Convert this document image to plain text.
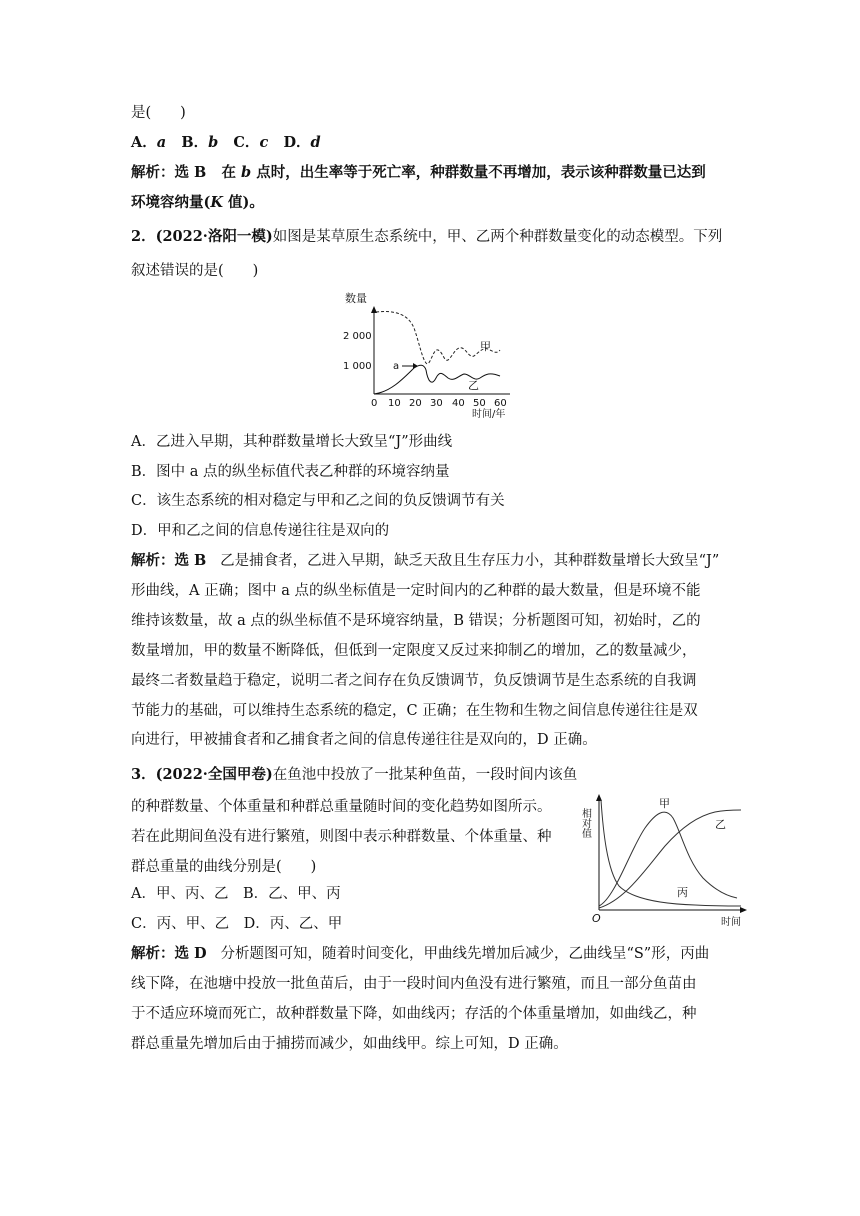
是(　　)
A．a B．b C．c D．d
解析：选 B 在 b 点时，出生率等于死亡率，种群数量不再增加，表示该种群数量已达到
环境容纳量(K 值)。
2．(2022·洛阳一模)如图是某草原生态系统中，甲、乙两个种群数量变化的动态模型。下列
叙述错误的是(　　)
数量
2 000
1 000
0 10 20 30 40 50 60
时间/年
甲
乙
a
A．乙进入早期，其种群数量增长大致呈“J”形曲线
B．图中 a 点的纵坐标值代表乙种群的环境容纳量
C．该生态系统的相对稳定与甲和乙之间的负反馈调节有关
D．甲和乙之间的信息传递往往是双向的
解析：选 B 乙是捕食者，乙进入早期，缺乏天敌且生存压力小，其种群数量增长大致呈“J”
形曲线，A 正确；图中 a 点的纵坐标值是一定时间内的乙种群的最大数量，但是环境不能
维持该数量，故 a 点的纵坐标值不是环境容纳量，B 错误；分析题图可知，初始时，乙的
数量增加，甲的数量不断降低，但低到一定限度又反过来抑制乙的增加，乙的数量减少，
最终二者数量趋于稳定，说明二者之间存在负反馈调节，负反馈调节是生态系统的自我调
节能力的基础，可以维持生态系统的稳定，C 正确；在生物和生物之间信息传递往往是双
向进行，甲被捕食者和乙捕食者之间的信息传递往往是双向的，D 正确。
3．(2022·全国甲卷)在鱼池中投放了一批某种鱼苗，一段时间内该鱼
的种群数量、个体重量和种群总重量随时间的变化趋势如图所示。
若在此期间鱼没有进行繁殖，则图中表示种群数量、个体重量、种
群总重量的曲线分别是(　　)
A．甲、丙、乙　B．乙、甲、丙
C．丙、甲、乙　D．丙、乙、甲
相对值
O	时间
甲
乙
丙
解析：选 D 分析题图可知，随着时间变化，甲曲线先增加后减少，乙曲线呈“S”形，丙曲
线下降，在池塘中投放一批鱼苗后，由于一段时间内鱼没有进行繁殖，而且一部分鱼苗由
于不适应环境而死亡，故种群数量下降，如曲线丙；存活的个体重量增加，如曲线乙，种
群总重量先增加后由于捕捞而减少，如曲线甲。综上可知，D 正确。
